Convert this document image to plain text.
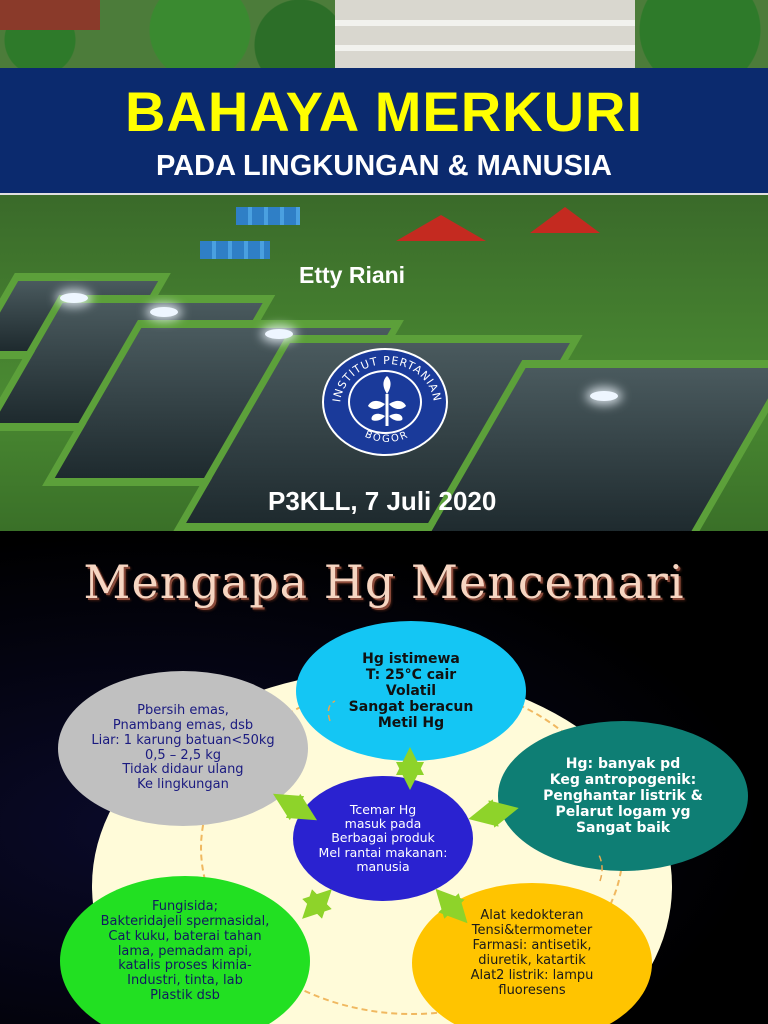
BAHAYA MERKURI
PADA LINGKUNGAN & MANUSIA
Etty Riani
INSTITUT PERTANIAN
BOGOR
P3KLL, 7 Juli 2020
Mengapa Hg Mencemari
Hg istimewa
T: 25°C cair
Volatil
Sangat beracun
Metil Hg
Pbersih emas,
Pnambang emas, dsb
Liar: 1 karung batuan<50kg
0,5 – 2,5 kg
Tidak didaur ulang
Ke lingkungan
Hg: banyak pd
Keg antropogenik:
Penghantar listrik &
Pelarut logam yg
Sangat baik
Tcemar Hg
masuk pada
Berbagai produk
Mel rantai makanan:
manusia
Fungisida;
Bakteridajeli spermasidal,
Cat kuku, baterai tahan
lama, pemadam api,
katalis proses kimia-
Industri, tinta, lab
Plastik dsb
Alat kedokteran
Tensi&termometer
Farmasi: antisetik,
diuretik, katartik
Alat2 listrik: lampu
fluoresens
